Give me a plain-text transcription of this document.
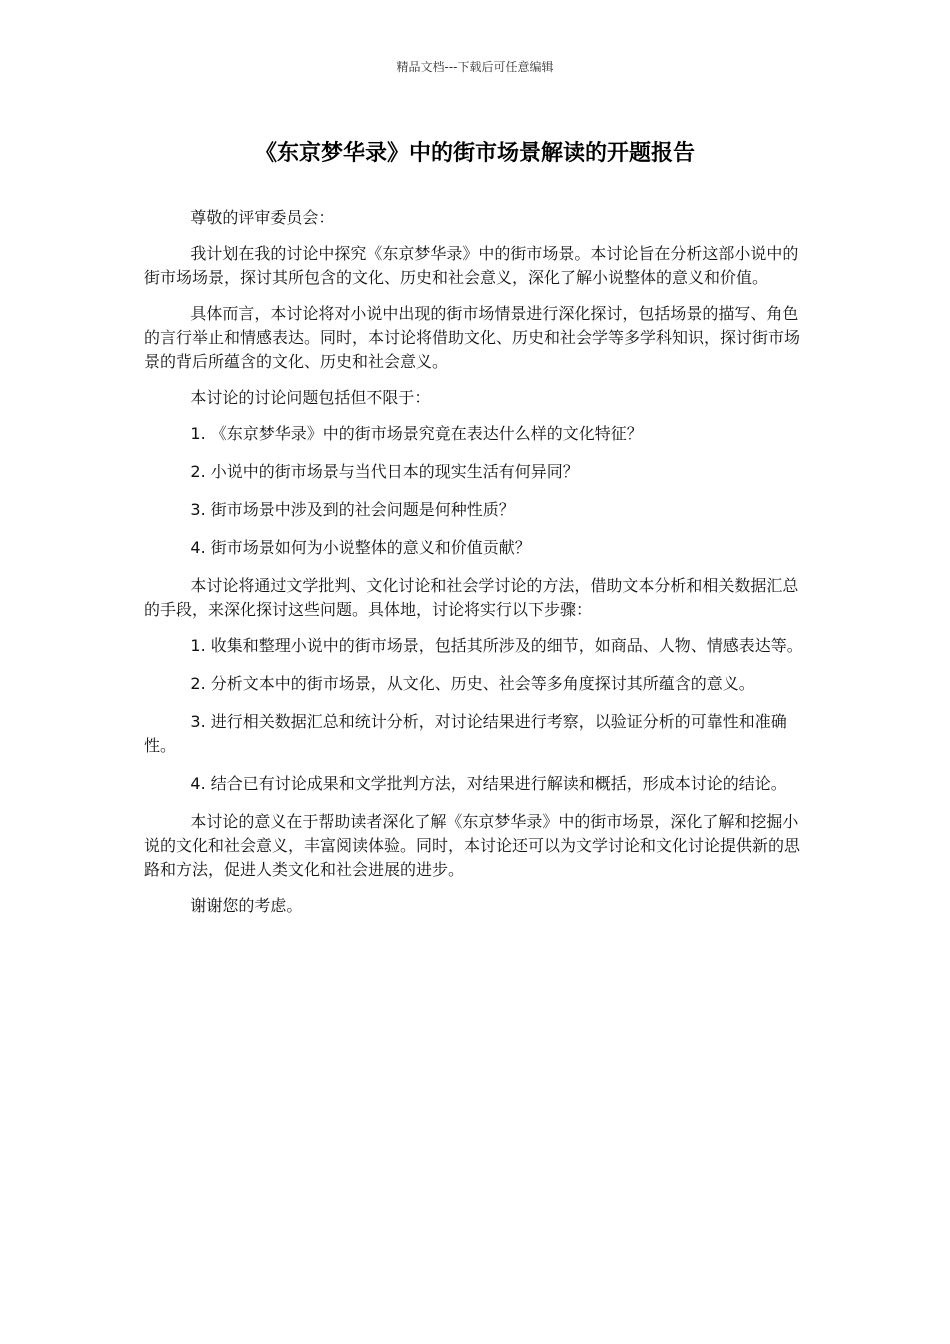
精品文档---下载后可任意编辑
《东京梦华录》中的街市场景解读的开题报告

尊敬的评审委员会：

我计划在我的讨论中探究《东京梦华录》中的街市场景。本讨论旨在分析这部小说中的街市场场景，探讨其所包含的文化、历史和社会意义，深化了解小说整体的意义和价值。

具体而言，本讨论将对小说中出现的街市场情景进行深化探讨，包括场景的描写、角色的言行举止和情感表达。同时，本讨论将借助文化、历史和社会学等多学科知识，探讨街市场景的背后所蕴含的文化、历史和社会意义。

本讨论的讨论问题包括但不限于：

1. 《东京梦华录》中的街市场景究竟在表达什么样的文化特征？

2. 小说中的街市场景与当代日本的现实生活有何异同？

3. 街市场景中涉及到的社会问题是何种性质？

4. 街市场景如何为小说整体的意义和价值贡献？

本讨论将通过文学批判、文化讨论和社会学讨论的方法，借助文本分析和相关数据汇总的手段，来深化探讨这些问题。具体地，讨论将实行以下步骤：

1. 收集和整理小说中的街市场景，包括其所涉及的细节，如商品、人物、情感表达等。

2. 分析文本中的街市场景，从文化、历史、社会等多角度探讨其所蕴含的意义。

3. 进行相关数据汇总和统计分析，对讨论结果进行考察，以验证分析的可靠性和准确性。

4. 结合已有讨论成果和文学批判方法，对结果进行解读和概括，形成本讨论的结论。

本讨论的意义在于帮助读者深化了解《东京梦华录》中的街市场景，深化了解和挖掘小说的文化和社会意义，丰富阅读体验。同时，本讨论还可以为文学讨论和文化讨论提供新的思路和方法，促进人类文化和社会进展的进步。

谢谢您的考虑。
